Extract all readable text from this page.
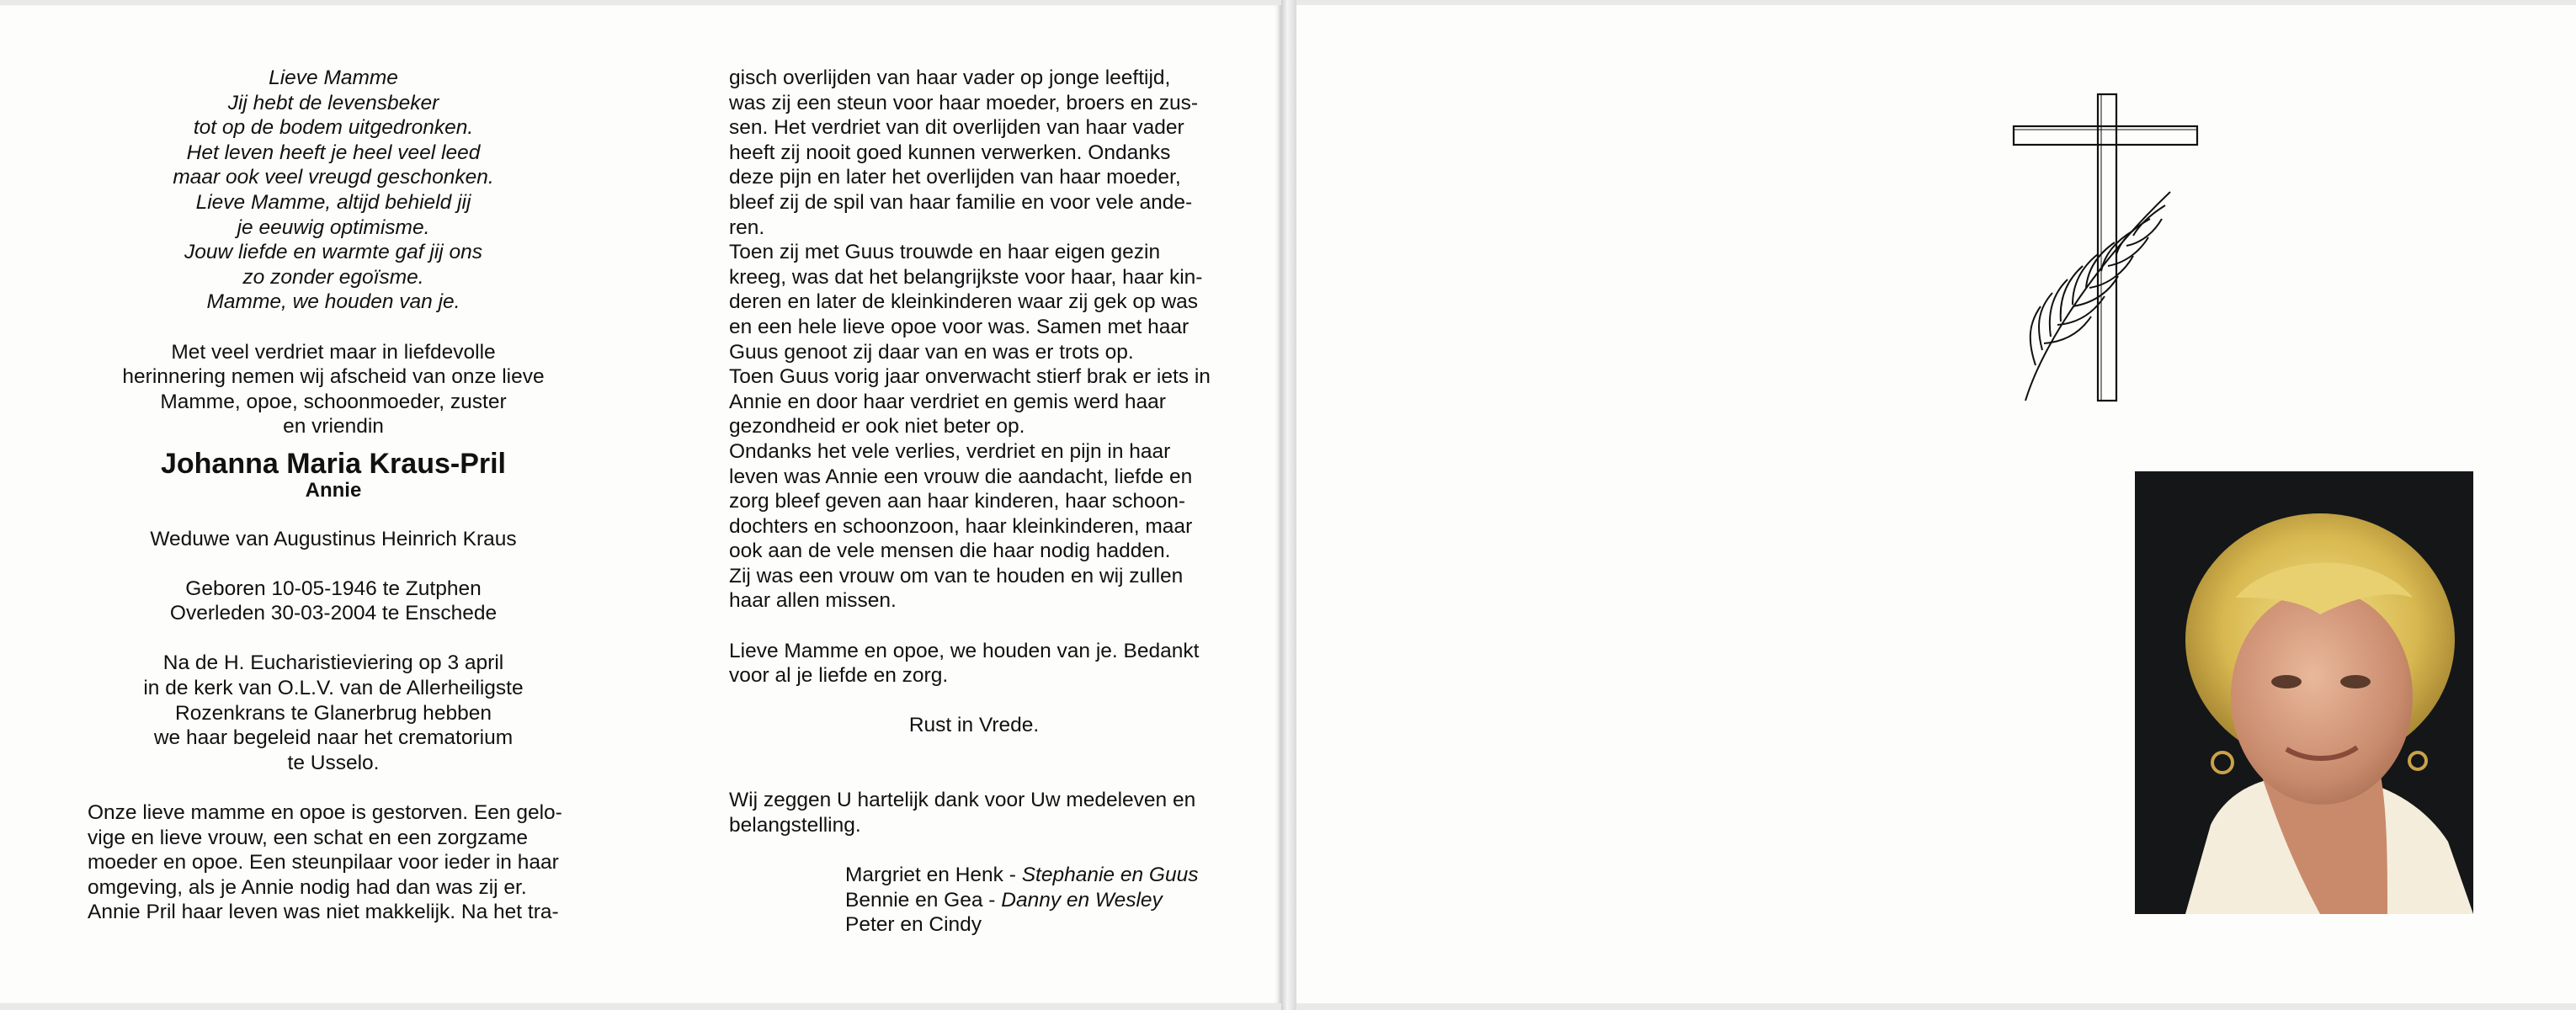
Lieve Mamme
Jij hebt de levensbeker
tot op de bodem uitgedronken.
Het leven heeft je heel veel leed
maar ook veel vreugd geschonken.
Lieve Mamme, altijd behield jij
je eeuwig optimisme.
Jouw liefde en warmte gaf jij ons
zo zonder egoïsme.
Mamme, we houden van je.
Met veel verdriet maar in liefdevolle
herinnering nemen wij afscheid van onze lieve
Mamme, opoe, schoonmoeder, zuster
en vriendin
Johanna Maria Kraus-Pril
Annie
Weduwe van Augustinus Heinrich Kraus
Geboren 10-05-1946 te Zutphen
Overleden 30-03-2004 te Enschede
Na de H. Eucharistieviering op 3 april
in de kerk van O.L.V. van de Allerheiligste
Rozenkrans te Glanerbrug hebben
we haar begeleid naar het crematorium
te Usselo.
Onze lieve mamme en opoe is gestorven. Een gelo-
vige en lieve vrouw, een schat en een zorgzame
moeder en opoe. Een steunpilaar voor ieder in haar
omgeving, als je Annie nodig had dan was zij er.
Annie Pril haar leven was niet makkelijk. Na het tra-
gisch overlijden van haar vader op jonge leeftijd,
was zij een steun voor haar moeder, broers en zus-
sen. Het verdriet van dit overlijden van haar vader
heeft zij nooit goed kunnen verwerken. Ondanks
deze pijn en later het overlijden van haar moeder,
bleef zij de spil van haar familie en voor vele ande-
ren.
Toen zij met Guus trouwde en haar eigen gezin
kreeg, was dat het belangrijkste voor haar, haar kin-
deren en later de kleinkinderen waar zij gek op was
en een hele lieve opoe voor was. Samen met haar
Guus genoot zij daar van en was er trots op.
Toen Guus vorig jaar onverwacht stierf brak er iets in
Annie en door haar verdriet en gemis werd haar
gezondheid er ook niet beter op.
Ondanks het vele verlies, verdriet en pijn in haar
leven was Annie een vrouw die aandacht, liefde en
zorg bleef geven aan haar kinderen, haar schoon-
dochters en schoonzoon, haar kleinkinderen, maar
ook aan de vele mensen die haar nodig hadden.
Zij was een vrouw om van te houden en wij zullen
haar allen missen.
Lieve Mamme en opoe, we houden van je. Bedankt
voor al je liefde en zorg.
Rust in Vrede.
Wij zeggen U hartelijk dank voor Uw medeleven en
belangstelling.
Margriet en Henk - Stephanie en Guus
Bennie en Gea - Danny en Wesley
Peter en Cindy
